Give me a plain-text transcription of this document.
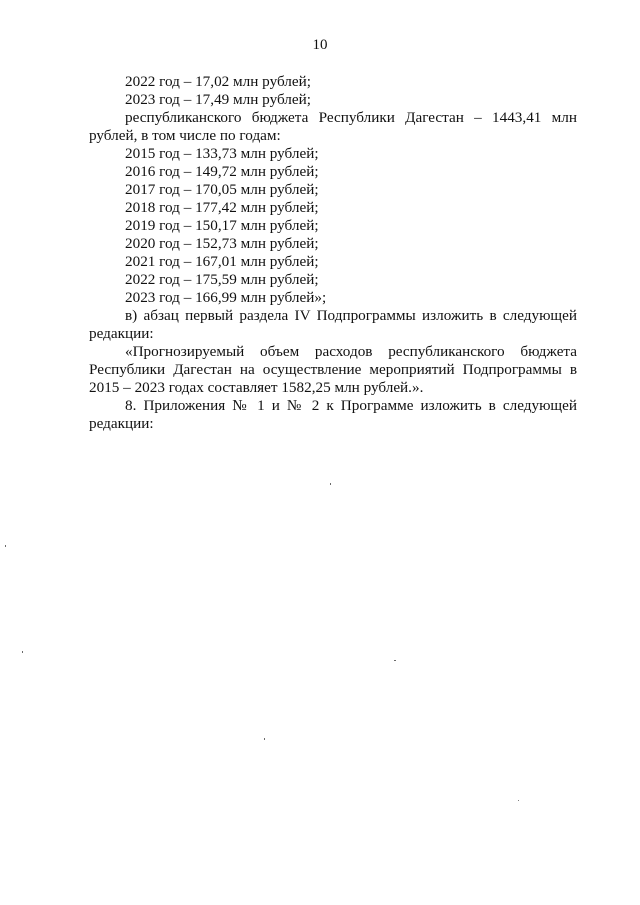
10
2022 год – 17,02 млн рублей;
2023 год – 17,49 млн рублей;
республиканского бюджета Республики Дагестан – 1443,41 млн рублей, в том числе по годам:
2015 год – 133,73 млн рублей;
2016 год – 149,72 млн рублей;
2017 год – 170,05 млн рублей;
2018 год – 177,42 млн рублей;
2019 год – 150,17 млн рублей;
2020 год – 152,73 млн рублей;
2021 год – 167,01 млн рублей;
2022 год – 175,59 млн рублей;
2023 год – 166,99 млн рублей»;
в) абзац первый раздела IV Подпрограммы изложить в следующей редакции:
«Прогнозируемый объем расходов республиканского бюджета Республики Дагестан на осуществление мероприятий Подпрограммы в 2015 – 2023 годах составляет 1582,25 млн рублей.».
8. Приложения № 1 и № 2 к Программе изложить в следующей редакции:
